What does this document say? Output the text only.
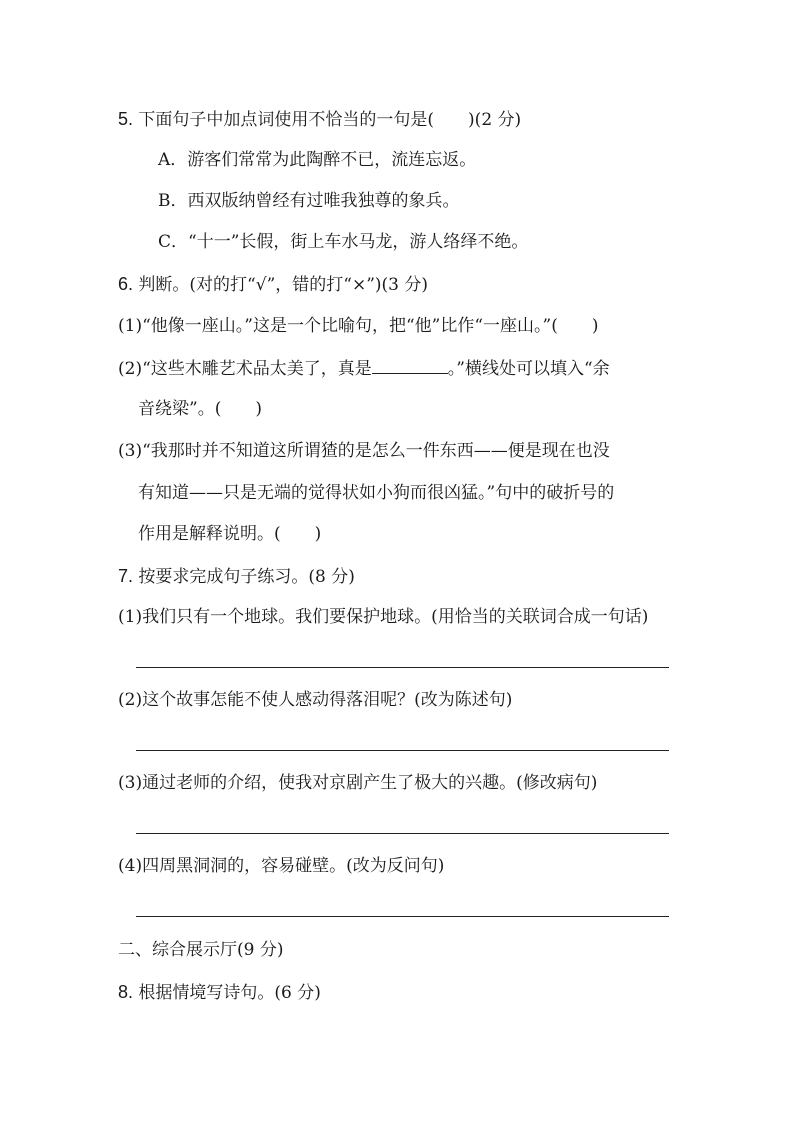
5. 下面句子中加点词使用不恰当的一句是(　　)(2 分)
A．游客们常常为此陶醉不已，流连忘返。
B．西双版纳曾经有过唯我独尊的象兵。
C．“十一”长假，街上车水马龙，游人络绎不绝。
6. 判断。(对的打“√”，错的打“×”)(3 分)
(1)“他像一座山。”这是一个比喻句，把“他”比作“一座山。”(　　)
(2)“这些木雕艺术品太美了，真是	。”横线处可以填入“余
音绕梁”。(　　)
(3)“我那时并不知道这所谓猹的是怎么一件东西——便是现在也没
有知道——只是无端的觉得状如小狗而很凶猛。”句中的破折号的
作用是解释说明。(　　)
7. 按要求完成句子练习。(8 分)
(1)我们只有一个地球。我们要保护地球。(用恰当的关联词合成一句话)
(2)这个故事怎能不使人感动得落泪呢？(改为陈述句)
(3)通过老师的介绍，使我对京剧产生了极大的兴趣。(修改病句)
(4)四周黑洞洞的，容易碰壁。(改为反问句)
二、综合展示厅(9 分)
8. 根据情境写诗句。(6 分)
